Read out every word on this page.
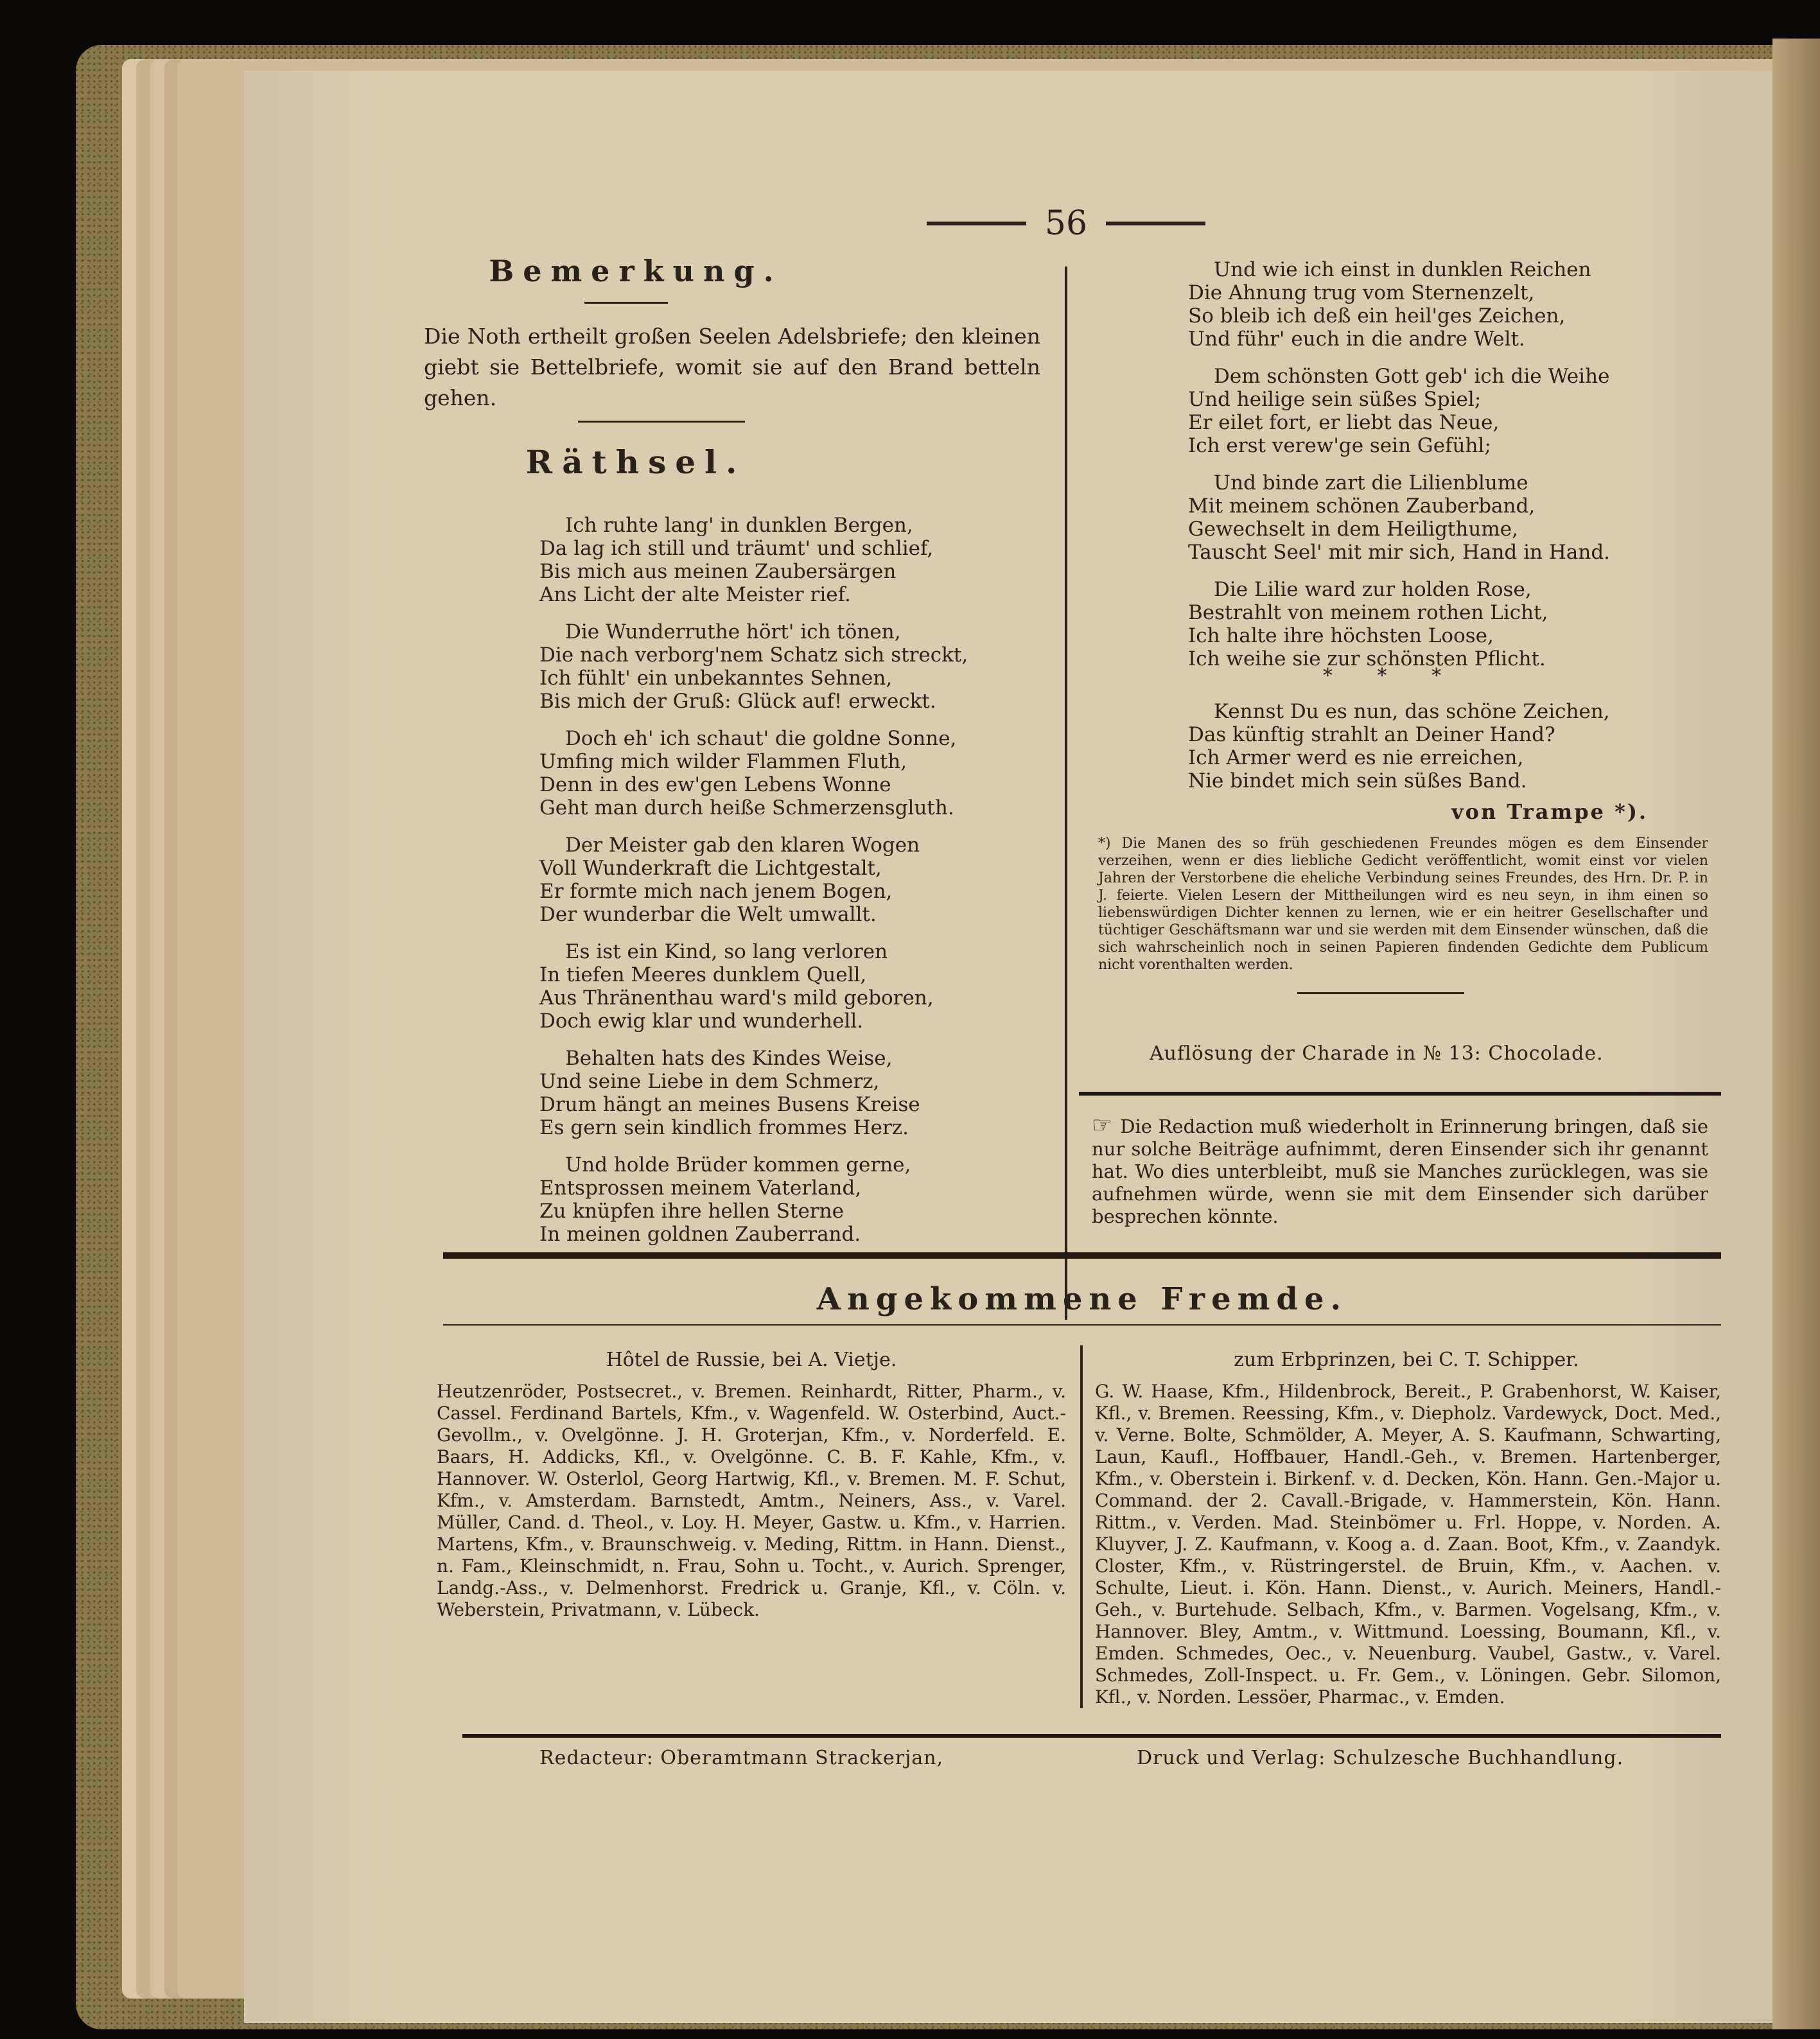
56
Bemerkung.
Die Noth ertheilt großen Seelen Adelsbriefe; den kleinen giebt sie Bettelbriefe, womit sie auf den Brand betteln gehen.
Räthsel.
Ich ruhte lang' in dunklen Bergen,
Da lag ich still und träumt' und schlief,
Bis mich aus meinen Zaubersärgen
Ans Licht der alte Meister rief.
Die Wunderruthe hört' ich tönen,
Die nach verborg'nem Schatz sich streckt,
Ich fühlt' ein unbekanntes Sehnen,
Bis mich der Gruß: Glück auf! erweckt.
Doch eh' ich schaut' die goldne Sonne,
Umfing mich wilder Flammen Fluth,
Denn in des ew'gen Lebens Wonne
Geht man durch heiße Schmerzensgluth.
Der Meister gab den klaren Wogen
Voll Wunderkraft die Lichtgestalt,
Er formte mich nach jenem Bogen,
Der wunderbar die Welt umwallt.
Es ist ein Kind, so lang verloren
In tiefen Meeres dunklem Quell,
Aus Thränenthau ward's mild geboren,
Doch ewig klar und wunderhell.
Behalten hats des Kindes Weise,
Und seine Liebe in dem Schmerz,
Drum hängt an meines Busens Kreise
Es gern sein kindlich frommes Herz.
Und holde Brüder kommen gerne,
Entsprossen meinem Vaterland,
Zu knüpfen ihre hellen Sterne
In meinen goldnen Zauberrand.
Und wie ich einst in dunklen Reichen
Die Ahnung trug vom Sternenzelt,
So bleib ich deß ein heil'ges Zeichen,
Und führ' euch in die andre Welt.
Dem schönsten Gott geb' ich die Weihe
Und heilige sein süßes Spiel;
Er eilet fort, er liebt das Neue,
Ich erst verew'ge sein Gefühl;
Und binde zart die Lilienblume
Mit meinem schönen Zauberband,
Gewechselt in dem Heiligthume,
Tauscht Seel' mit mir sich, Hand in Hand.
Die Lilie ward zur holden Rose,
Bestrahlt von meinem rothen Licht,
Ich halte ihre höchsten Loose,
Ich weihe sie zur schönsten Pflicht.
* * *
Kennst Du es nun, das schöne Zeichen,
Das künftig strahlt an Deiner Hand?
Ich Armer werd es nie erreichen,
Nie bindet mich sein süßes Band.
von Trampe *).
*) Die Manen des so früh geschiedenen Freundes mögen es dem Einsender verzeihen, wenn er dies liebliche Gedicht veröffentlicht, womit einst vor vielen Jahren der Verstorbene die eheliche Verbindung seines Freundes, des Hrn. Dr. P. in J. feierte. Vielen Lesern der Mittheilungen wird es neu seyn, in ihm einen so liebenswürdigen Dichter kennen zu lernen, wie er ein heitrer Gesellschafter und tüchtiger Geschäftsmann war und sie werden mit dem Einsender wünschen, daß die sich wahrscheinlich noch in seinen Papieren findenden Gedichte dem Publicum nicht vorenthalten werden.
Auflösung der Charade in № 13: Chocolade.
☞ Die Redaction muß wiederholt in Erinnerung bringen, daß sie nur solche Beiträge aufnimmt, deren Einsender sich ihr genannt hat. Wo dies unterbleibt, muß sie Manches zurücklegen, was sie aufnehmen würde, wenn sie mit dem Einsender sich darüber besprechen könnte.
Angekommene Fremde.
Hôtel de Russie, bei A. Vietje.
Heutzenröder, Postsecret., v. Bremen. Reinhardt, Ritter, Pharm., v. Cassel. Ferdinand Bartels, Kfm., v. Wagenfeld. W. Osterbind, Auct.-Gevollm., v. Ovelgönne. J. H. Groterjan, Kfm., v. Norderfeld. E. Baars, H. Addicks, Kfl., v. Ovelgönne. C. B. F. Kahle, Kfm., v. Hannover. W. Osterlol, Georg Hartwig, Kfl., v. Bremen. M. F. Schut, Kfm., v. Amsterdam. Barnstedt, Amtm., Neiners, Ass., v. Varel. Müller, Cand. d. Theol., v. Loy. H. Meyer, Gastw. u. Kfm., v. Harrien. Martens, Kfm., v. Braunschweig. v. Meding, Rittm. in Hann. Dienst., n. Fam., Kleinschmidt, n. Frau, Sohn u. Tocht., v. Aurich. Sprenger, Landg.-Ass., v. Delmenhorst. Fredrick u. Granje, Kfl., v. Cöln. v. Weberstein, Privatmann, v. Lübeck.
zum Erbprinzen, bei C. T. Schipper.
G. W. Haase, Kfm., Hildenbrock, Bereit., P. Grabenhorst, W. Kaiser, Kfl., v. Bremen. Reessing, Kfm., v. Diepholz. Vardewyck, Doct. Med., v. Verne. Bolte, Schmölder, A. Meyer, A. S. Kaufmann, Schwarting, Laun, Kaufl., Hoffbauer, Handl.-Geh., v. Bremen. Hartenberger, Kfm., v. Oberstein i. Birkenf. v. d. Decken, Kön. Hann. Gen.-Major u. Command. der 2. Cavall.-Brigade, v. Hammerstein, Kön. Hann. Rittm., v. Verden. Mad. Steinbömer u. Frl. Hoppe, v. Norden. A. Kluyver, J. Z. Kaufmann, v. Koog a. d. Zaan. Boot, Kfm., v. Zaandyk. Closter, Kfm., v. Rüstringerstel. de Bruin, Kfm., v. Aachen. v. Schulte, Lieut. i. Kön. Hann. Dienst., v. Aurich. Meiners, Handl.-Geh., v. Burtehude. Selbach, Kfm., v. Barmen. Vogelsang, Kfm., v. Hannover. Bley, Amtm., v. Wittmund. Loessing, Boumann, Kfl., v. Emden. Schmedes, Oec., v. Neuenburg. Vaubel, Gastw., v. Varel. Schmedes, Zoll-Inspect. u. Fr. Gem., v. Löningen. Gebr. Silomon, Kfl., v. Norden. Lessöer, Pharmac., v. Emden.
Redacteur: Oberamtmann Strackerjan,	Druck und Verlag: Schulzesche Buchhandlung.
